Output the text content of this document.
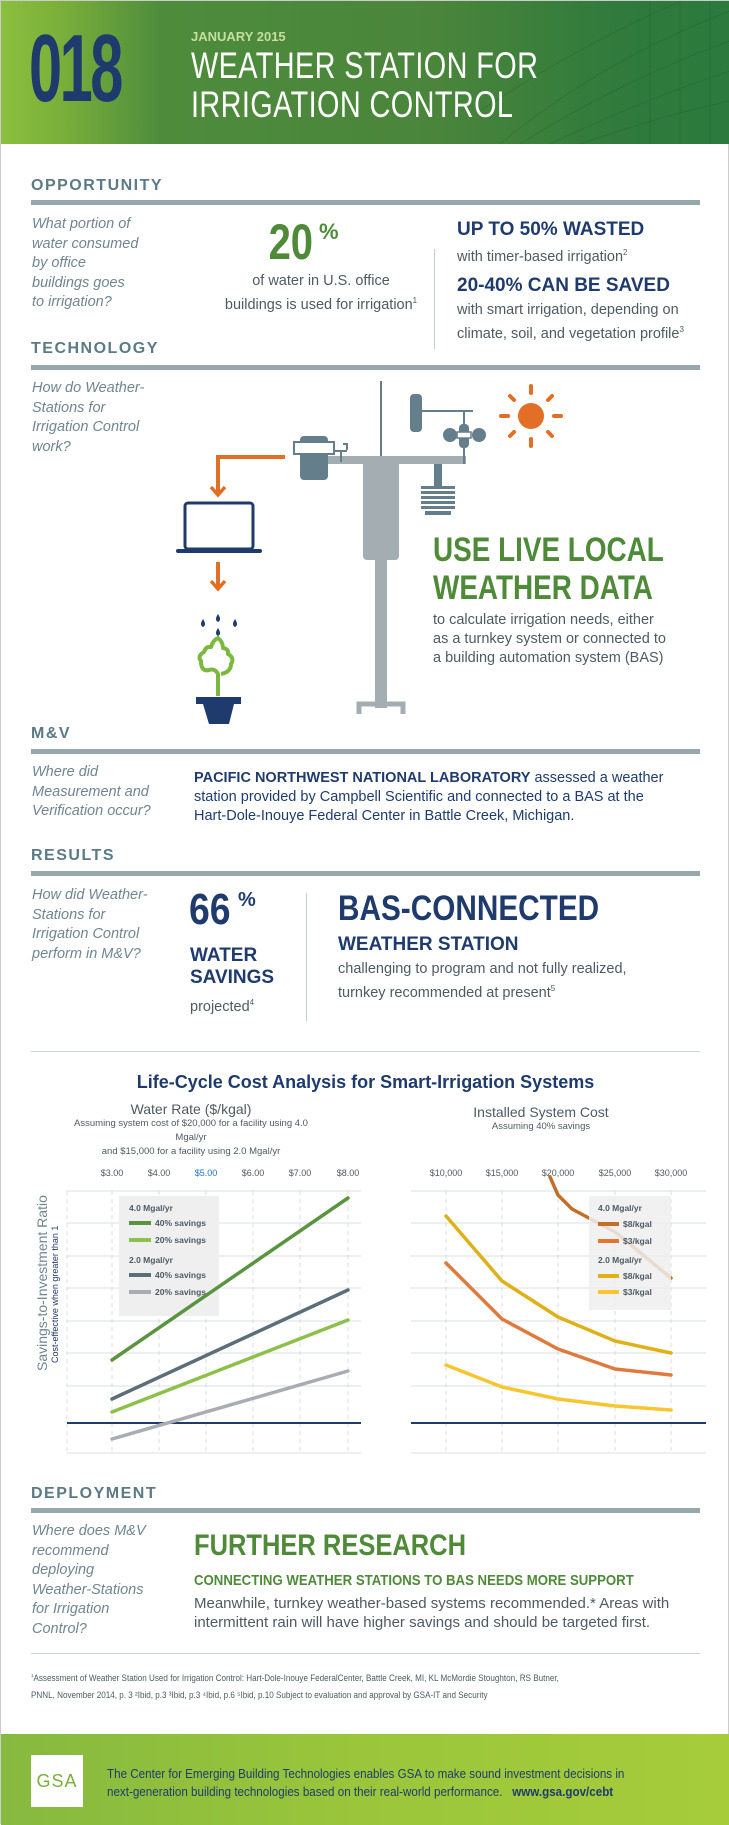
018	JANUARY 2015
WEATHER STATION FOR
IRRIGATION CONTROL
OPPORTUNITY
What portion of
water consumed
by office
buildings goes
to irrigation?
20 %
of water in U.S. office
buildings is used for irrigation$^1$
UP TO 50% WASTED
with timer-based irrigation$^2$
20-40% CAN BE SAVED
with smart irrigation, depending on
climate, soil, and vegetation profile$^3$
TECHNOLOGY
How do Weather-
Stations for
Irrigation Control
work?
USE LIVE LOCAL
WEATHER DATA
to calculate irrigation needs, either
as a turnkey system or connected to
a building automation system (BAS)
M&V
Where did
Measurement and
Verification occur?
PACIFIC NORTHWEST NATIONAL LABORATORY assessed a weather
station provided by Campbell Scientific and connected to a BAS at the
Hart-Dole-Inouye Federal Center in Battle Creek, Michigan.
RESULTS
How did Weather-
Stations for
Irrigation Control
perform in M&V?
66 %
WATER
SAVINGS
projected$^4$
BAS-CONNECTED
WEATHER STATION
challenging to program and not fully realized,
turnkey recommended at present$^5$
Life-Cycle Cost Analysis for Smart-Irrigation Systems
Water Rate ($/kgal)
Assuming system cost of $20,000 for a facility using 4.0 Mgal/yr
and $15,000 for a facility using 2.0 Mgal/yr
Installed System Cost
Assuming 40% savings
Savings-to-Investment Ratio Cost-effective when greater than 1
$3.00	$4.00	$5.00	$6.00	$7.00	$8.00
4.0 Mgal/yr
40% savings
20% savings
2.0 Mgal/yr
40% savings
20% savings
$10,000	$15,000	$20,000	$25,000	$30,000
4.0 Mgal/yr
$8/kgal
$3/kgal
2.0 Mgal/yr
$8/kgal
$3/kgal
DEPLOYMENT
Where does M&V
recommend
deploying
Weather-Stations
for Irrigation
Control?
FURTHER RESEARCH
CONNECTING WEATHER STATIONS TO BAS NEEDS MORE SUPPORT
Meanwhile, turnkey weather-based systems recommended.* Areas with
intermittent rain will have higher savings and should be targeted first.
$^1$Assessment of Weather Station Used for Irrigation Control: Hart-Dole-Inouye FederalCenter, Battle Creek, MI, KL McMordie Stoughton, RS Butner,
PNNL, November 2014, p. 3 ²Ibid, p.3 ³Ibid, p.3 ⁴Ibid, p.6 ⁵Ibid, p.10 Subject to evaluation and approval by GSA-IT and Security
GSA The Center for Emerging Building Technologies enables GSA to make sound investment decisions in
next-generation building technologies based on their real-world performance. www.gsa.gov/cebt
